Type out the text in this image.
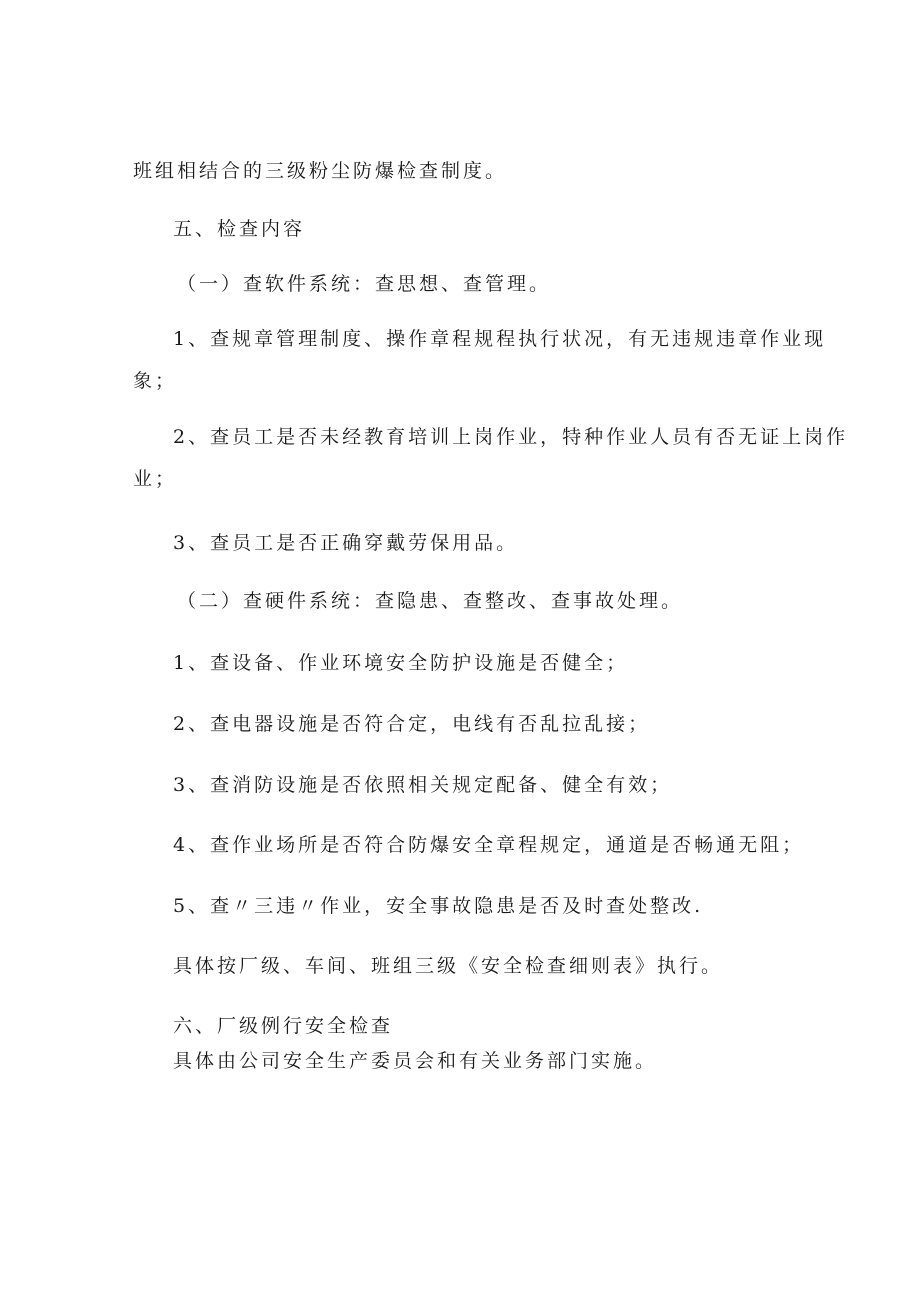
班组相结合的三级粉尘防爆检查制度。
五、检查内容
（一）查软件系统：查思想、查管理。
1、查规章管理制度、操作章程规程执行状况，有无违规违章作业现
象；
2、查员工是否未经教育培训上岗作业，特种作业人员有否无证上岗作
业；
3、查员工是否正确穿戴劳保用品。
（二）查硬件系统：查隐患、查整改、查事故处理。
1、查设备、作业环境安全防护设施是否健全；
2、查电器设施是否符合定，电线有否乱拉乱接；
3、查消防设施是否依照相关规定配备、健全有效；
4、查作业场所是否符合防爆安全章程规定，通道是否畅通无阻；
5、查〃三违〃作业，安全事故隐患是否及时查处整改.
具体按厂级、车间、班组三级《安全检查细则表》执行。
六、厂级例行安全检查
具体由公司安全生产委员会和有关业务部门实施。
